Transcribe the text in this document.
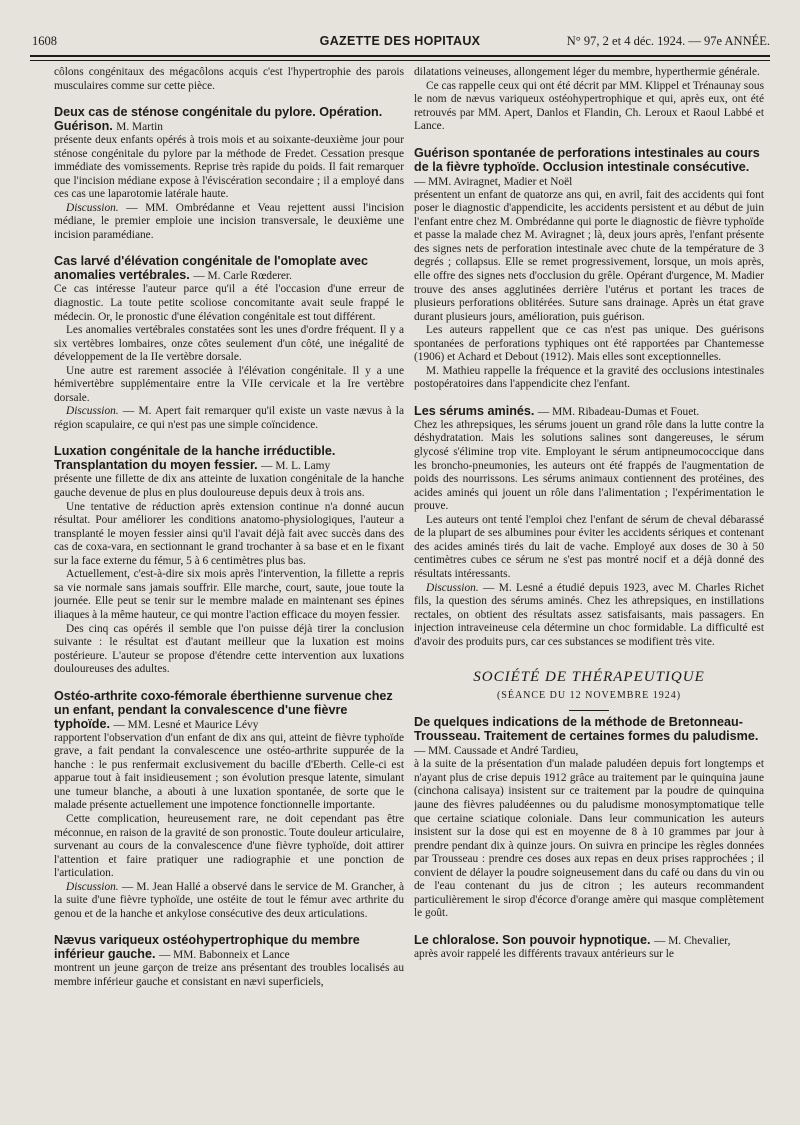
1608	GAZETTE DES HOPITAUX	N° 97, 2 et 4 déc. 1924. — 97e ANNÉE.

côlons congénitaux des mégacôlons acquis c'est l'hypertrophie des parois musculaires comme sur cette pièce.

Deux cas de sténose congénitale du pylore. Opération. Guérison. M. Martin

présente deux enfants opérés à trois mois et au soixante-deuxième jour pour sténose congénitale du pylore par la méthode de Fredet. Cessation presque immédiate des vomissements. Reprise très rapide du poids. Il fait remarquer que l'incision médiane expose à l'éviscération secondaire ; il a employé dans ces cas une laparotomie latérale haute.

Discussion. — MM. Ombrédanne et Veau rejettent aussi l'incision médiane, le premier emploie une incision transversale, le deuxième une incision paramédiane.

Cas larvé d'élévation congénitale de l'omoplate avec anomalies vertébrales. — M. Carle Rœderer.

Ce cas intéresse l'auteur parce qu'il a été l'occasion d'une erreur de diagnostic. La toute petite scoliose concomitante avait seule frappé le médecin. Or, le pronostic d'une élévation congénitale est tout différent.

Les anomalies vertébrales constatées sont les unes d'ordre fréquent. Il y a six vertèbres lombaires, onze côtes seulement d'un côté, une inégalité de développement de la IIe vertèbre dorsale.

Une autre est rarement associée à l'élévation congénitale. Il y a une hémivertèbre supplémentaire entre la VIIe cervicale et la Ire vertèbre dorsale.

Discussion. — M. Apert fait remarquer qu'il existe un vaste nævus à la région scapulaire, ce qui n'est pas une simple coïncidence.

Luxation congénitale de la hanche irréductible. Transplantation du moyen fessier. — M. L. Lamy

présente une fillette de dix ans atteinte de luxation congénitale de la hanche gauche devenue de plus en plus douloureuse depuis deux à trois ans.

Une tentative de réduction après extension continue n'a donné aucun résultat. Pour améliorer les conditions anatomo-physiologiques, l'auteur a transplanté le moyen fessier ainsi qu'il l'avait déjà fait avec succès dans des cas de coxa-vara, en sectionnant le grand trochanter à sa base et en le fixant sur la face externe du fémur, 5 à 6 centimètres plus bas.

Actuellement, c'est-à-dire six mois après l'intervention, la fillette a repris sa vie normale sans jamais souffrir. Elle marche, court, saute, joue toute la journée. Elle peut se tenir sur le membre malade en maintenant ses épines iliaques à la même hauteur, ce qui montre l'action efficace du moyen fessier.

Des cinq cas opérés il semble que l'on puisse déjà tirer la conclusion suivante : le résultat est d'autant meilleur que la luxation est moins postérieure. L'auteur se propose d'étendre cette intervention aux luxations douloureuses des adultes.

Ostéo-arthrite coxo-fémorale éberthienne survenue chez un enfant, pendant la convalescence d'une fièvre typhoïde. — MM. Lesné et Maurice Lévy

rapportent l'observation d'un enfant de dix ans qui, atteint de fièvre typhoïde grave, a fait pendant la convalescence une ostéo-arthrite suppurée de la hanche : le pus renfermait exclusivement du bacille d'Eberth. Celle-ci est apparue tout à fait insidieusement ; son évolution presque latente, simulant une tumeur blanche, a abouti à une luxation spontanée, de sorte que le malade présente actuellement une impotence fonctionnelle importante.

Cette complication, heureusement rare, ne doit cependant pas être méconnue, en raison de la gravité de son pronostic. Toute douleur articulaire, survenant au cours de la convalescence d'une fièvre typhoïde, doit attirer l'attention et faire pratiquer une radiographie et une ponction de l'articulation.

Discussion. — M. Jean Hallé a observé dans le service de M. Grancher, à la suite d'une fièvre typhoïde, une ostéite de tout le fémur avec arthrite du genou et de la hanche et ankylose consécutive des deux articulations.

Nævus variqueux ostéohypertrophique du membre inférieur gauche. — MM. Babonneix et Lance

montrent un jeune garçon de treize ans présentant des troubles localisés au membre inférieur gauche et consistant en nævi superficiels,

dilatations veineuses, allongement léger du membre, hyperthermie générale.

Ce cas rappelle ceux qui ont été décrit par MM. Klippel et Trénaunay sous le nom de nævus variqueux ostéohypertrophique et qui, après eux, ont été retrouvés par MM. Apert, Danlos et Flandin, Ch. Leroux et Raoul Labbé et Lance.

Guérison spontanée de perforations intestinales au cours de la fièvre typhoïde. Occlusion intestinale consécutive. — MM. Aviragnet, Madier et Noël

présentent un enfant de quatorze ans qui, en avril, fait des accidents qui font poser le diagnostic d'appendicite, les accidents persistent et au début de juin l'enfant entre chez M. Ombrédanne qui porte le diagnostic de fièvre typhoïde et passe la malade chez M. Aviragnet ; là, deux jours après, l'enfant présente des signes nets de perforation intestinale avec chute de la température de 3 degrés ; collapsus. Elle se remet progressivement, lorsque, un mois après, elle offre des signes nets d'occlusion du grêle. Opérant d'urgence, M. Madier trouve des anses agglutinées derrière l'utérus et portant les traces de plusieurs perforations oblitérées. Suture sans drainage. Après un état grave durant plusieurs jours, amélioration, puis guérison.

Les auteurs rappellent que ce cas n'est pas unique. Des guérisons spontanées de perforations typhiques ont été rapportées par Chantemesse (1906) et Achard et Debout (1912). Mais elles sont exceptionnelles.

M. Mathieu rappelle la fréquence et la gravité des occlusions intestinales postopératoires dans l'appendicite chez l'enfant.

Les sérums aminés. — MM. Ribadeau-Dumas et Fouet.

Chez les athrepsiques, les sérums jouent un grand rôle dans la lutte contre la déshydratation. Mais les solutions salines sont dangereuses, le sérum glycosé s'élimine trop vite. Employant le sérum antipneumococcique dans les broncho-pneumonies, les auteurs ont été frappés de l'augmentation de poids des nourrissons. Les sérums animaux contiennent des protéines, des acides aminés qui jouent un rôle dans l'alimentation ; l'expérimentation le prouve.

Les auteurs ont tenté l'emploi chez l'enfant de sérum de cheval débarassé de la plupart de ses albumines pour éviter les accidents sériques et contenant des acides aminés tirés du lait de vache. Employé aux doses de 30 à 50 centimètres cubes ce sérum ne s'est pas montré nocif et a déjà donné des résultats intéressants.

Discussion. — M. Lesné a étudié depuis 1923, avec M. Charles Richet fils, la question des sérums aminés. Chez les athrepsiques, en instillations rectales, on obtient des résultats assez satisfaisants, mais passagers. En injection intraveineuse cela détermine un choc formidable. La difficulté est d'avoir des produits purs, car ces substances se modifient très vite.

SOCIÉTÉ DE THÉRAPEUTIQUE
(SÉANCE DU 12 NOVEMBRE 1924)
De quelques indications de la méthode de Bretonneau-Trousseau. Traitement de certaines formes du paludisme. — MM. Caussade et André Tardieu,

à la suite de la présentation d'un malade paludéen depuis fort longtemps et n'ayant plus de crise depuis 1912 grâce au traitement par le quinquina jaune (cinchona calisaya) insistent sur ce traitement par la poudre de quinquina jaune des fièvres paludéennes ou du paludisme monosymptomatique telle que certaine sciatique coloniale. Dans leur communication les auteurs insistent sur la dose qui est en moyenne de 8 à 10 grammes par jour à prendre pendant dix à quinze jours. On suivra en principe les règles données par Trousseau : prendre ces doses aux repas en deux prises rapprochées ; il convient de délayer la poudre soigneusement dans du café ou dans du vin ou de l'eau contenant du jus de citron ; les auteurs recommandent particulièrement le sirop d'écorce d'orange amère qui masque complètement le goût.

Le chloralose. Son pouvoir hypnotique. — M. Chevalier,

après avoir rappelé les différents travaux antérieurs sur le
